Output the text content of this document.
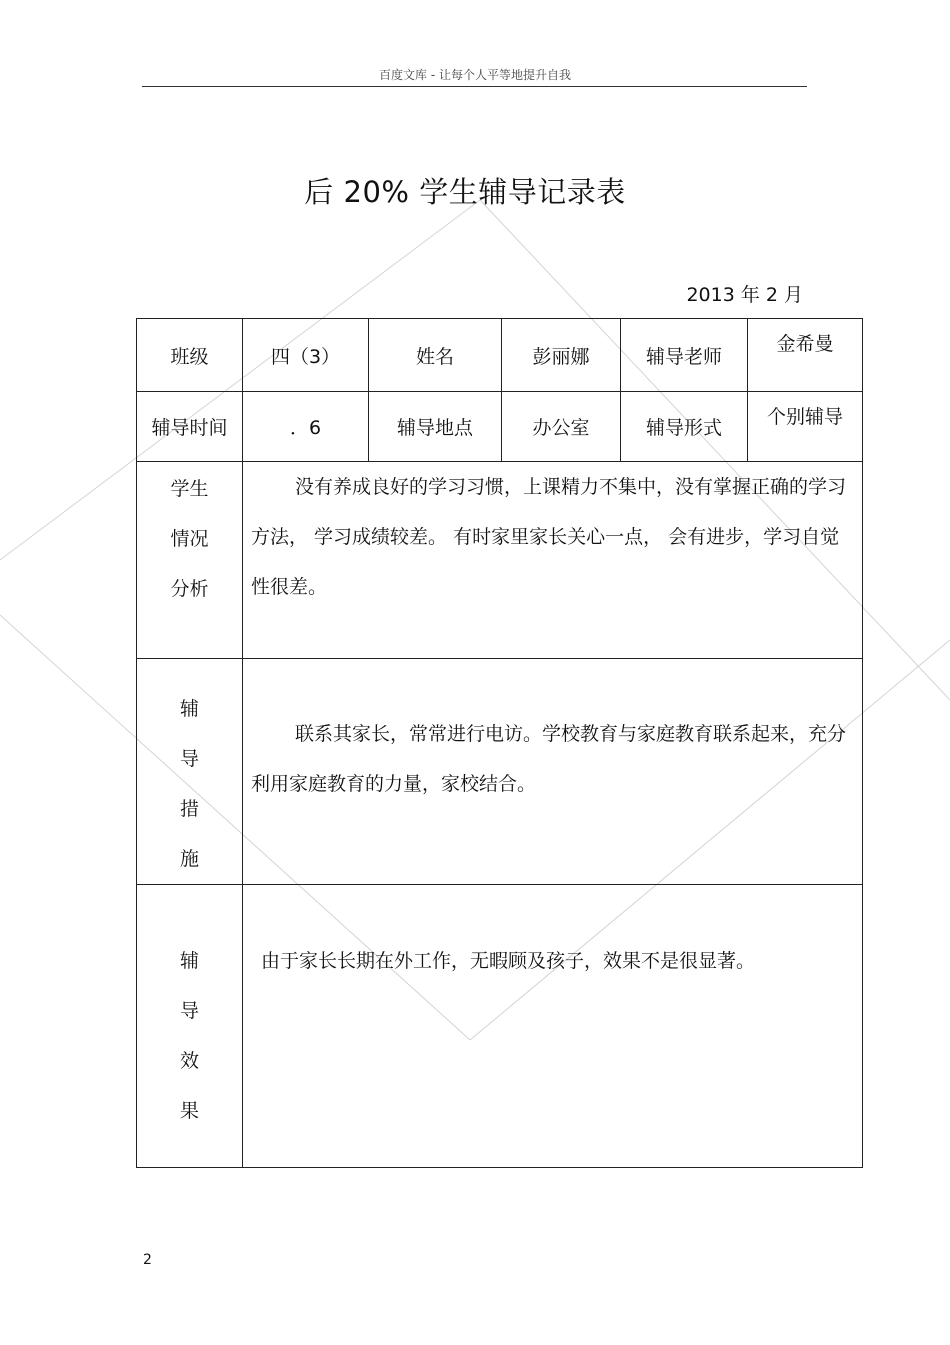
百度文库 - 让每个人平等地提升自我
后 20% 学生辅导记录表
2013 年 2 月
班级	四（3）	姓名	彭丽娜	辅导老师	金希曼
辅导时间	．6	辅导地点	办公室	辅导形式	个别辅导

学生
情况
分析	没有养成良好的学习习惯，上课精力不集中，没有掌握正确的学习方法， 学习成绩较差。 有时家里家长关心一点， 会有进步，学习自觉性很差。				

辅
导
措
施	联系其家长，常常进行电访。学校教育与家庭教育联系起来，充分利用家庭教育的力量，家校结合。				

辅
导
效
果	由于家长长期在外工作，无暇顾及孩子，效果不是很显著。				
2
